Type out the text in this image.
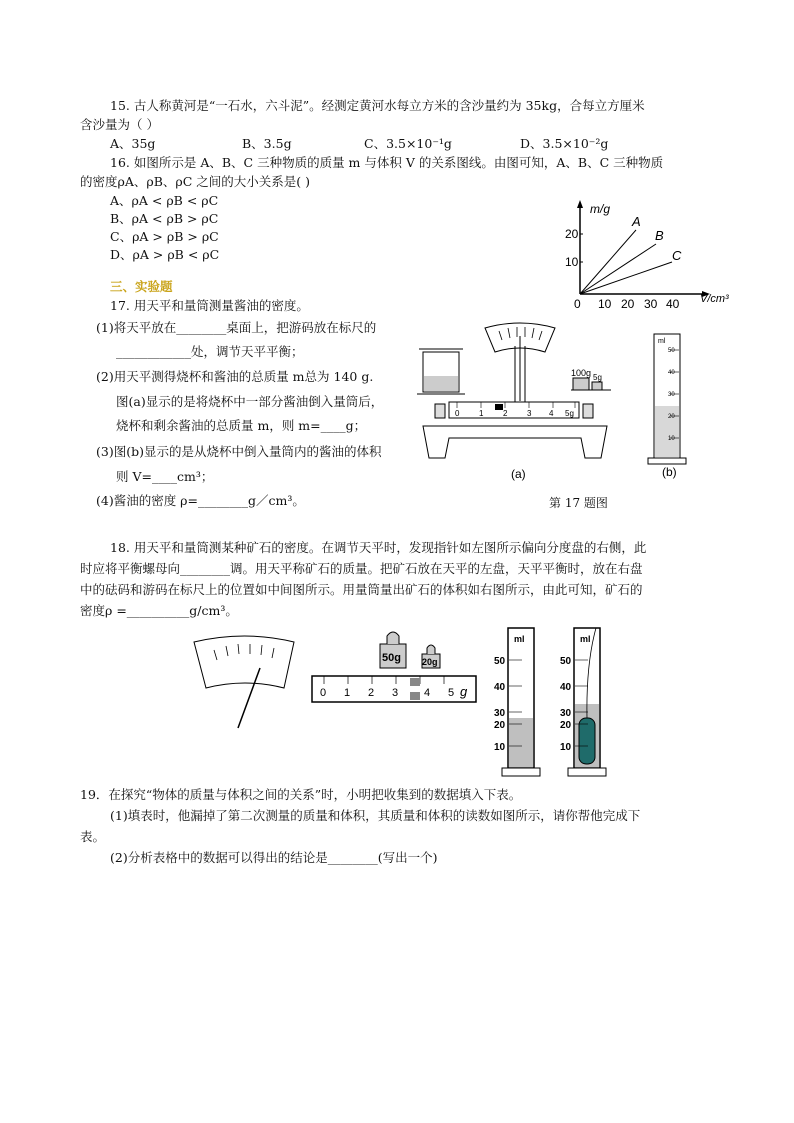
15. 古人称黄河是“一石水，六斗泥”。经测定黄河水每立方米的含沙量约为 35kg，合每立方厘米
含沙量为（ ）
A、35g	B、3.5g	C、3.5×10⁻¹g	D、3.5×10⁻²g
16. 如图所示是 A、B、C 三种物质的质量 m 与体积 V 的关系图线。由图可知，A、B、C 三种物质
的密度ρA、ρB、ρC 之间的大小关系是( )
A、ρA < ρB < ρC
B、ρA < ρB > ρC
C、ρA > ρB > ρC
D、ρA > ρB < ρC
m/g
V/cm³
20
10
0 10 20 30 40
A
B
C
三、实验题
17. 用天平和量筒测量酱油的密度。
(1)将天平放在________桌面上，把游码放在标尺的
____________处，调节天平平衡；
(2)用天平测得烧杯和酱油的总质量 m总为 140 g.
图(a)显示的是将烧杯中一部分酱油倒入量筒后，
烧杯和剩余酱油的总质量 m，则 m=____g；
(3)图(b)显示的是从烧杯中倒入量筒内的酱油的体积
则 V=____cm³；
(4)酱油的密度 ρ=________g／cm³。
100g 5g
0 1 2 3 4 5g
(a)
ml
50
40
30
20
10
(b)
第 17 题图
18. 用天平和量筒测某种矿石的密度。在调节天平时，发现指针如左图所示偏向分度盘的右侧，此
时应将平衡螺母向________调。用天平称矿石的质量。把矿石放在天平的左盘，天平平衡时，放在右盘
中的砝码和游码在标尺上的位置如中间图所示。用量筒量出矿石的体积如右图所示，由此可知，矿石的
密度ρ =__________g/cm³。
50g 20g
0 1 2 3 4 5 g
ml
50
40
30
20
10
ml
50
40
30
20
10
19．在探究“物体的质量与体积之间的关系”时，小明把收集到的数据填入下表。
(1)填表时，他漏掉了第二次测量的质量和体积，其质量和体积的读数如图所示，请你帮他完成下
表。
(2)分析表格中的数据可以得出的结论是________(写出一个)
